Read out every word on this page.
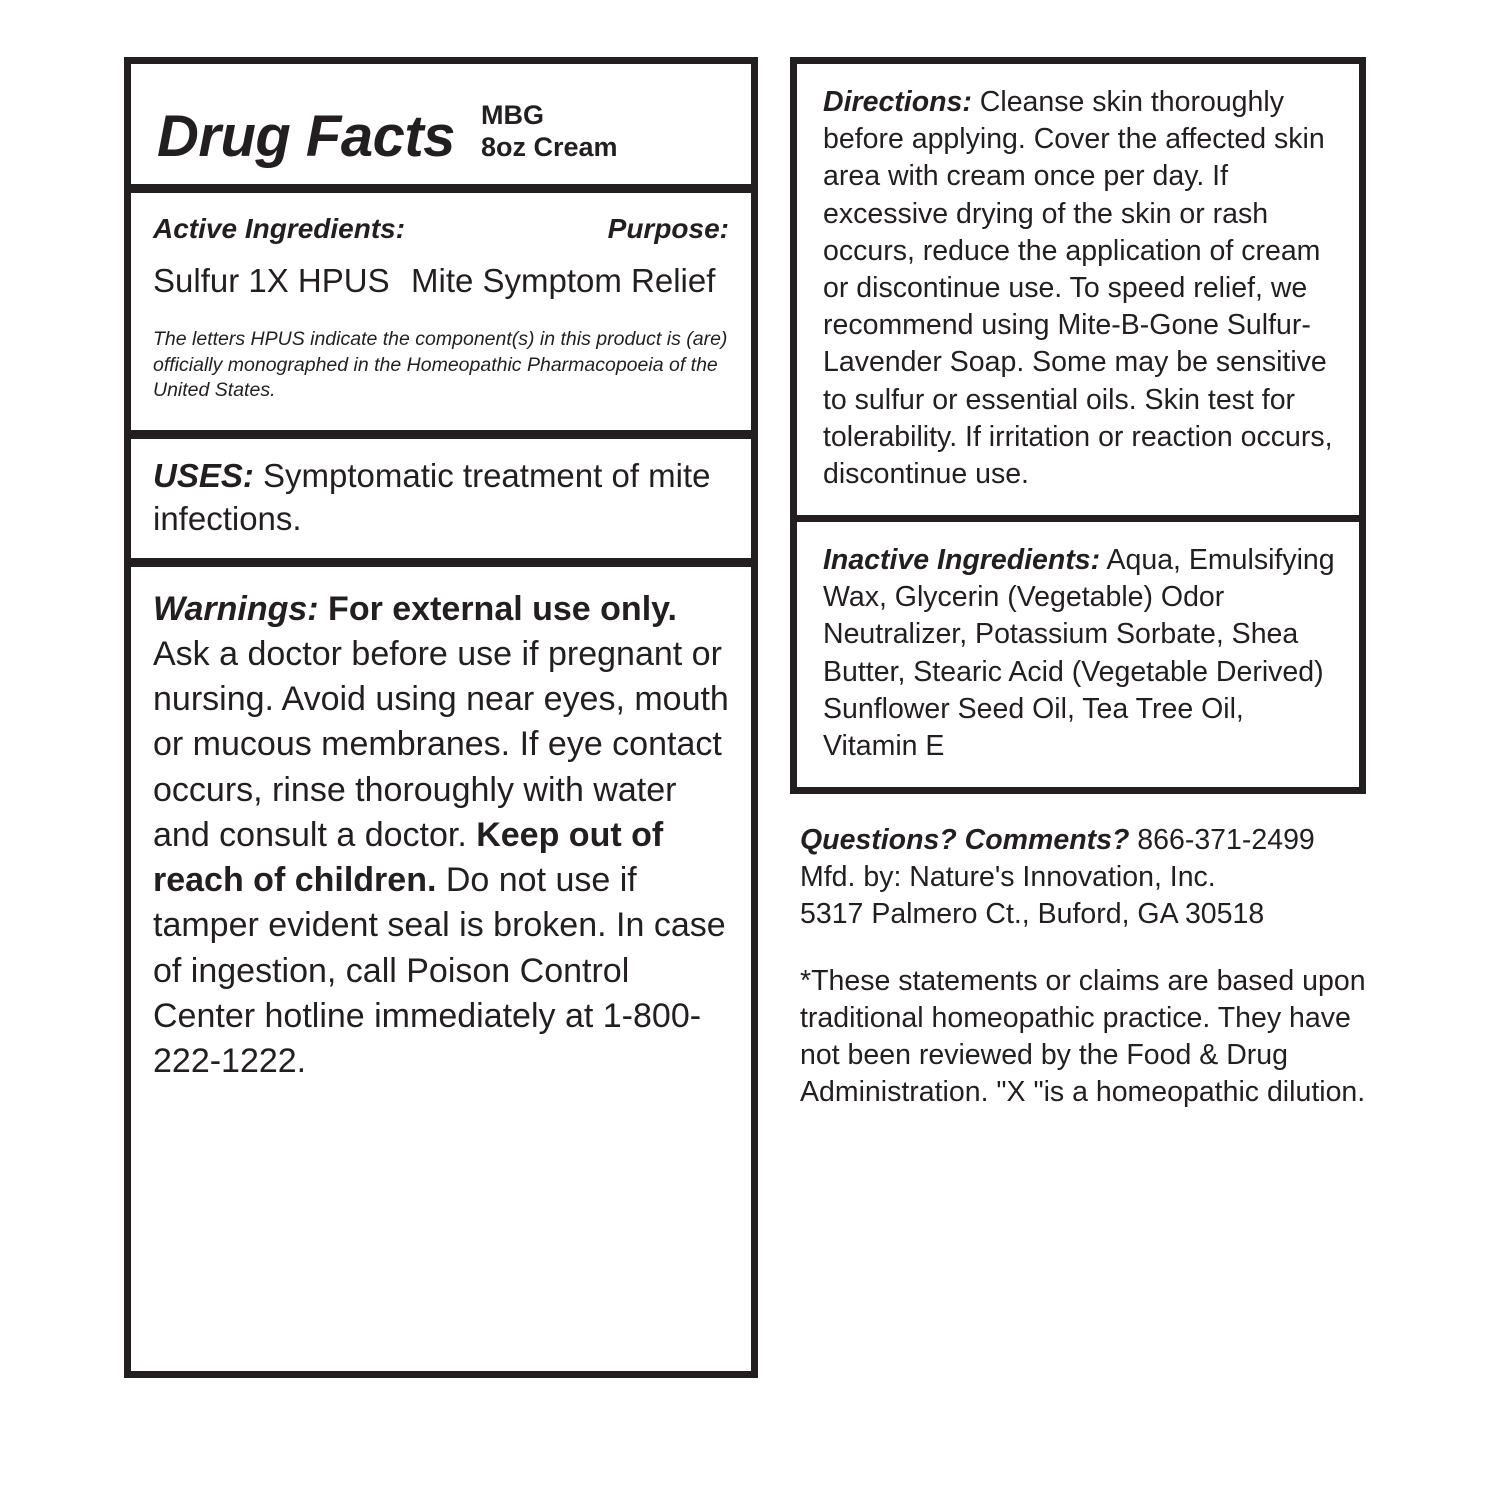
Drug Facts MBG
8oz Cream
Active Ingredients:	Purpose:
Sulfur 1X HPUS Mite Symptom Relief
The letters HPUS indicate the component(s) in this product is (are) officially monographed in the Homeopathic Pharmacopoeia of the United States.
USES: Symptomatic treatment of mite infections.
Warnings: For external use only. Ask a doctor before use if pregnant or nursing. Avoid using near eyes, mouth or mucous membranes. If eye contact occurs, rinse thoroughly with water and consult a doctor. Keep out of reach of children. Do not use if tamper evident seal is broken. In case of ingestion, call Poison Control Center hotline immediately at 1-800-222-1222.
Directions: Cleanse skin thoroughly before applying. Cover the affected skin area with cream once per day. If excessive drying of the skin or rash occurs, reduce the application of cream or discontinue use. To speed relief, we recommend using Mite-B-Gone Sulfur-Lavender Soap. Some may be sensitive to sulfur or essential oils. Skin test for tolerability. If irritation or reaction occurs, discontinue use.
Inactive Ingredients: Aqua, Emulsifying Wax, Glycerin (Vegetable) Odor Neutralizer, Potassium Sorbate, Shea Butter, Stearic Acid (Vegetable Derived) Sunflower Seed Oil, Tea Tree Oil, Vitamin E
Questions? Comments? 866-371-2499
Mfd. by: Nature's Innovation, Inc.
5317 Palmero Ct., Buford, GA 30518
*These statements or claims are based upon traditional homeopathic practice. They have not been reviewed by the Food & Drug Administration. "X "is a homeopathic dilution.
